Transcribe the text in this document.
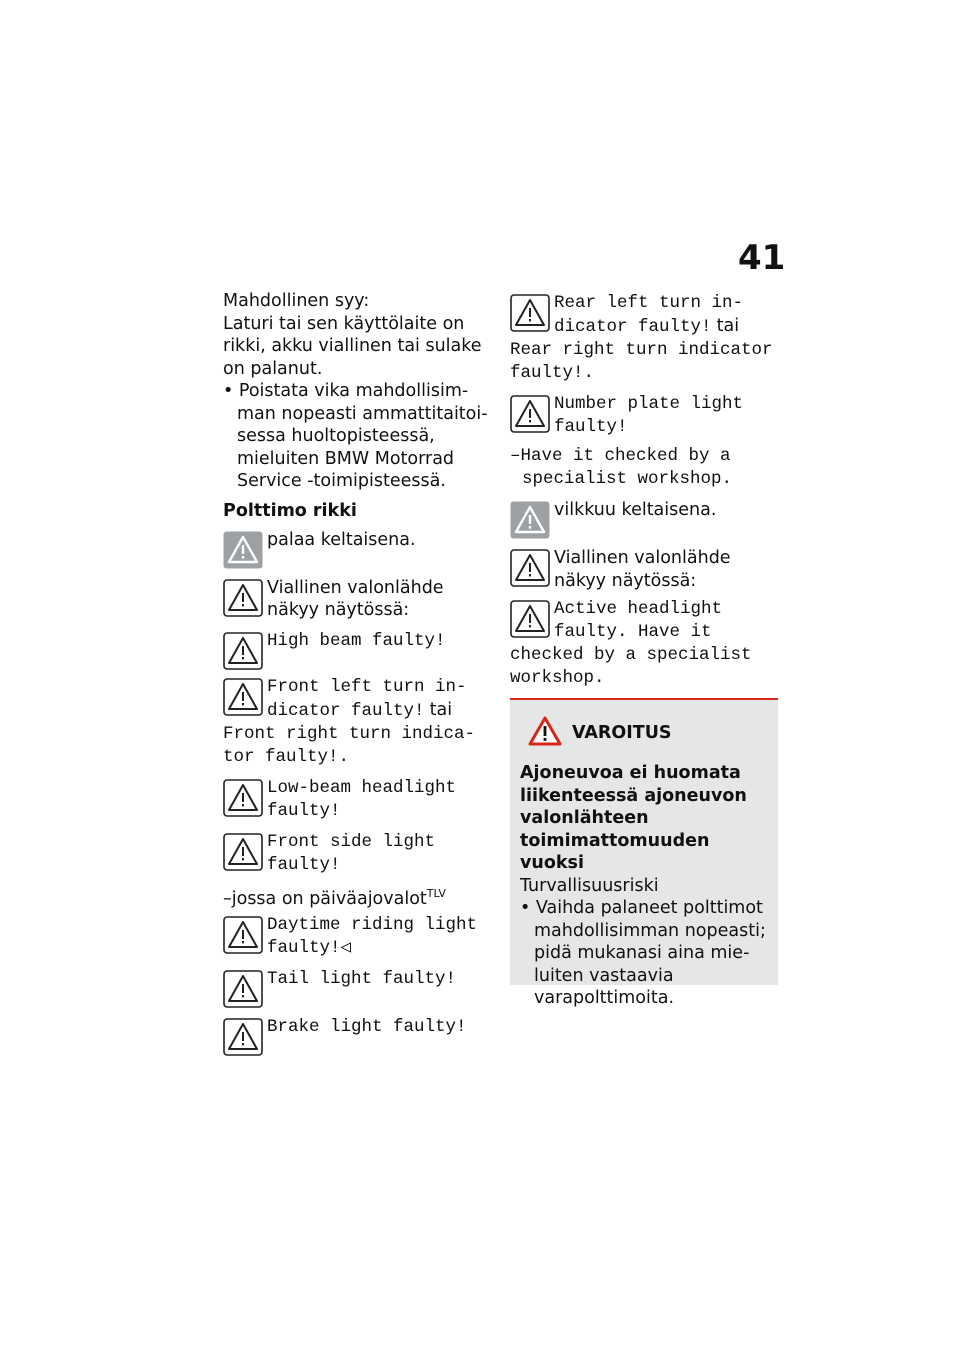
41
Mahdollinen syy:
Laturi tai sen käyttölaite on rikki, akku viallinen tai sulake on palanut.
• Poistata vika mahdollisimman nopeasti ammattitaitoisessa huoltopisteessä, mieluiten BMW Motorrad Service -toimipisteessä.
Polttimo rikki
palaa keltaisena.
Viallinen valonlähde näkyy näytössä:
High beam faulty!
Front left turn indicator faulty! tai Front right turn indicator faulty!.
Low-beam headlight faulty!
Front side light faulty!
–jossa on päiväajovalot$^{TLV}$
Daytime riding light faulty!◁
Tail light faulty!
Brake light faulty!
Rear left turn indicator faulty! tai Rear right turn indicator faulty!.
Number plate light faulty!
–Have it checked by a specialist workshop.
vilkkuu keltaisena.
Viallinen valonlähde näkyy näytössä:
Active headlight faulty. Have it checked by a specialist workshop.
VAROITUS
Ajoneuvoa ei huomata liikenteessä ajoneuvon valonlähteen toimimattomuuden vuoksi
Turvallisuusriski
• Vaihda palaneet polttimot mahdollisimman nopeasti; pidä mukanasi aina mieluiten vastaavia varapolttimoita.
